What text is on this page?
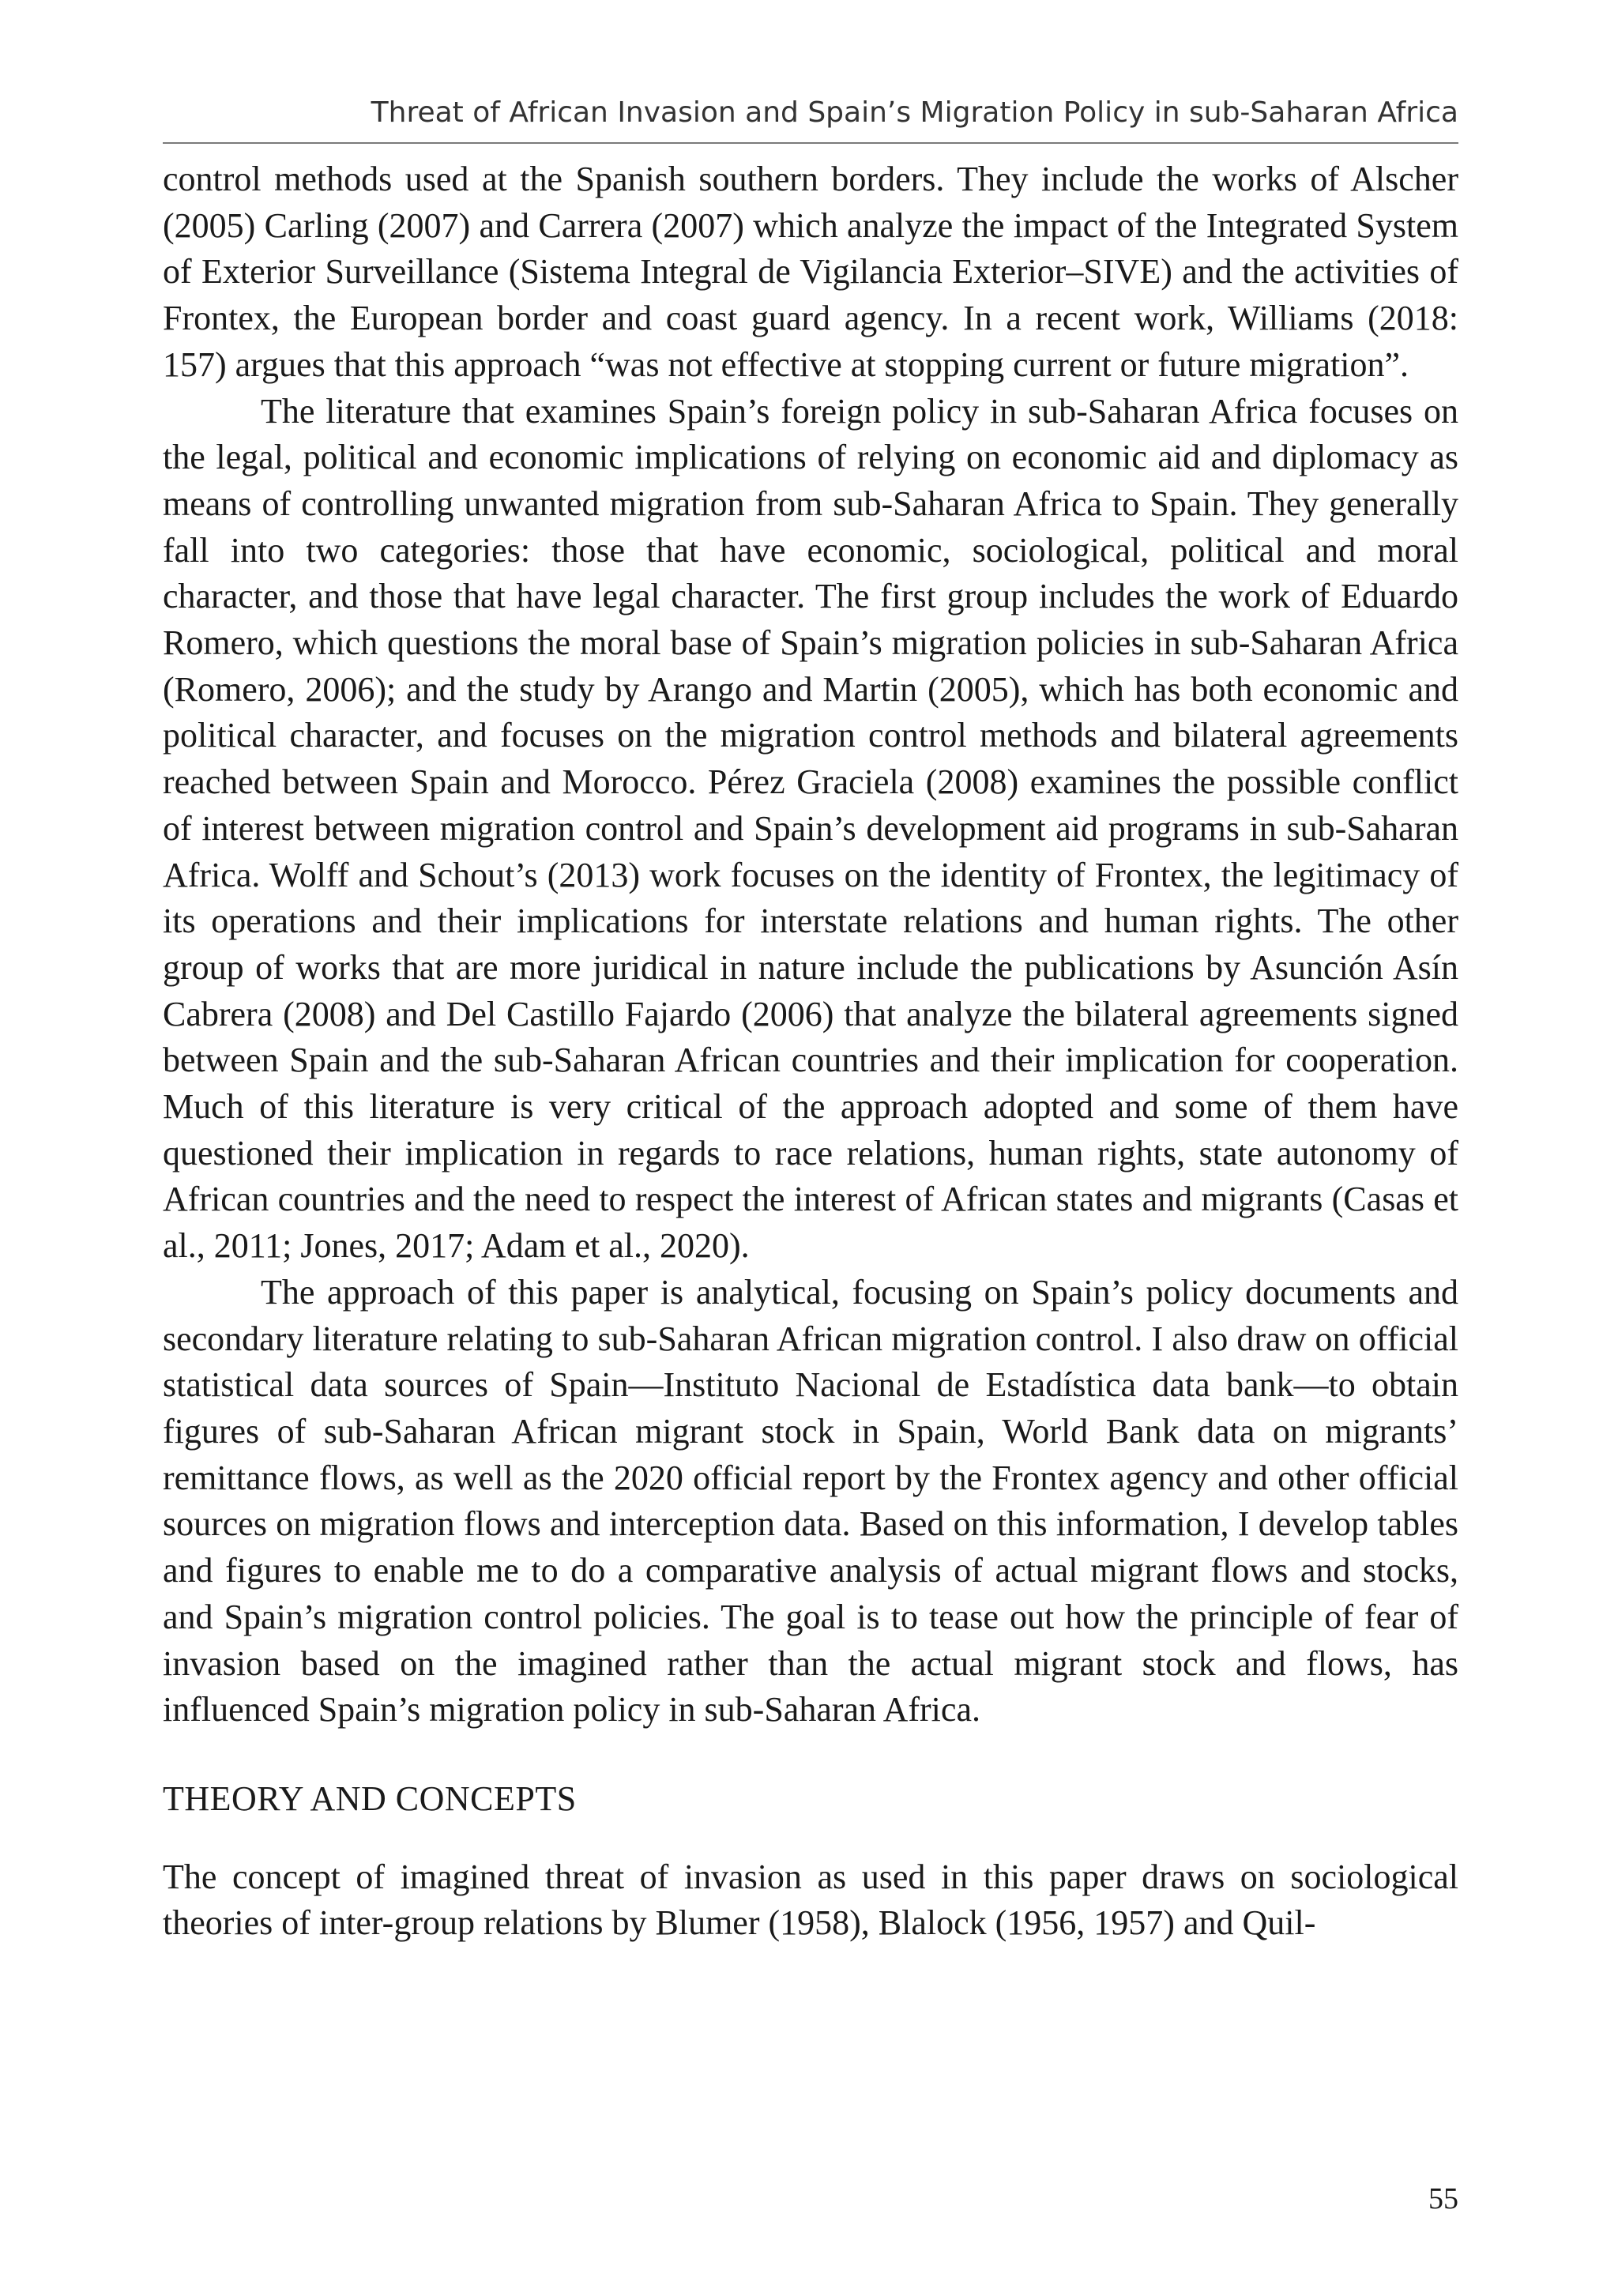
Threat of African Invasion and Spain’s Migration Policy in sub-Saharan Africa

control methods used at the Spanish southern borders. They include the works of Alscher (2005) Carling (2007) and Carrera (2007) which analyze the impact of the Integrated System of Exterior Surveillance (Sistema Integral de Vigilancia Exterior–SIVE) and the activities of Frontex, the European border and coast guard agency. In a recent work, Williams (2018: 157) argues that this approach “was not effective at stopping current or future migration”.

The literature that examines Spain’s foreign policy in sub-Saharan Africa focuses on the legal, political and economic implications of relying on economic aid and diplomacy as means of controlling unwanted migration from sub-Saharan Africa to Spain. They generally fall into two categories: those that have economic, sociological, political and moral character, and those that have legal character. The first group includes the work of Eduardo Romero, which questions the moral base of Spain’s migration policies in sub-Saharan Africa (Romero, 2006); and the study by Arango and Martin (2005), which has both economic and political character, and focuses on the migration control methods and bilateral agreements reached between Spain and Morocco. Pérez Graciela (2008) examines the possible conflict of interest between migration control and Spain’s development aid programs in sub-Saharan Africa. Wolff and Schout’s (2013) work focuses on the identity of Frontex, the legitimacy of its operations and their implications for interstate relations and human rights. The other group of works that are more juridical in nature include the publications by Asunción Asín Cabrera (2008) and Del Castillo Fajardo (2006) that analyze the bilateral agreements signed between Spain and the sub-Saharan African countries and their implication for cooperation. Much of this literature is very critical of the approach adopted and some of them have questioned their implication in regards to race relations, human rights, state autonomy of African countries and the need to respect the interest of African states and migrants (Casas et al., 2011; Jones, 2017; Adam et al., 2020).

The approach of this paper is analytical, focusing on Spain’s policy documents and secondary literature relating to sub-Saharan African migration control. I also draw on official statistical data sources of Spain—Instituto Nacional de Estadística data bank—to obtain figures of sub-Saharan African migrant stock in Spain, World Bank data on migrants’ remittance flows, as well as the 2020 official report by the Frontex agency and other official sources on migration flows and interception data. Based on this information, I develop tables and figures to enable me to do a comparative analysis of actual migrant flows and stocks, and Spain’s migration control policies. The goal is to tease out how the principle of fear of invasion based on the imagined rather than the actual migrant stock and flows, has influenced Spain’s migration policy in sub-Saharan Africa.

THEORY AND CONCEPTS

The concept of imagined threat of invasion as used in this paper draws on sociological theories of inter-group relations by Blumer (1958), Blalock (1956, 1957) and Quil-

55
